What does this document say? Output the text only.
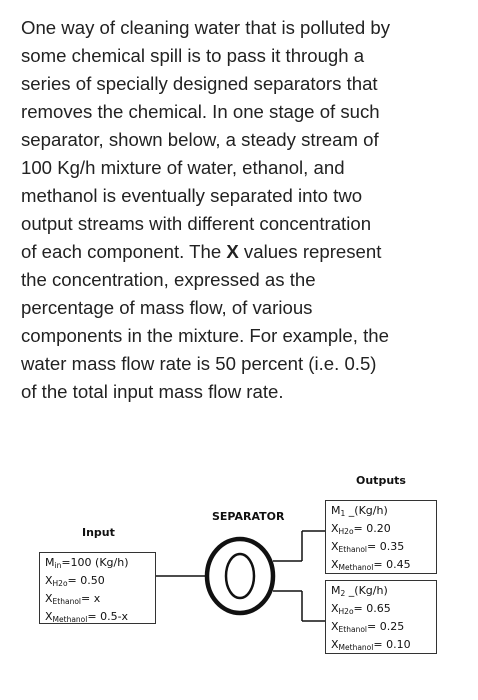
One way of cleaning water that is polluted by
some chemical spill is to pass it through a
series of specially designed separators that
removes the chemical. In one stage of such
separator, shown below, a steady stream of
100 Kg/h mixture of water, ethanol, and
methanol is eventually separated into two
output streams with different concentration
of each component. The X values represent
the concentration, expressed as the
percentage of mass flow, of various
components in the mixture. For example, the
water mass flow rate is 50 percent (i.e. 0.5)
of the total input mass flow rate.
Outputs
SEPARATOR
Input
$M_{in}=100$ (Kg/h)
$X_{H2o}= 0.50$
$X_{Ethanol}= x$
$X_{Methanol}= 0.5-x$
$M_1$ _(Kg/h)
$X_{H2o}= 0.20$
$X_{Ethanol}= 0.35$
$X_{Methanol}= 0.45$
$M_2$ _(Kg/h)
$X_{H2o}= 0.65$
$X_{Ethanol}= 0.25$
$X_{Methanol}= 0.10$
